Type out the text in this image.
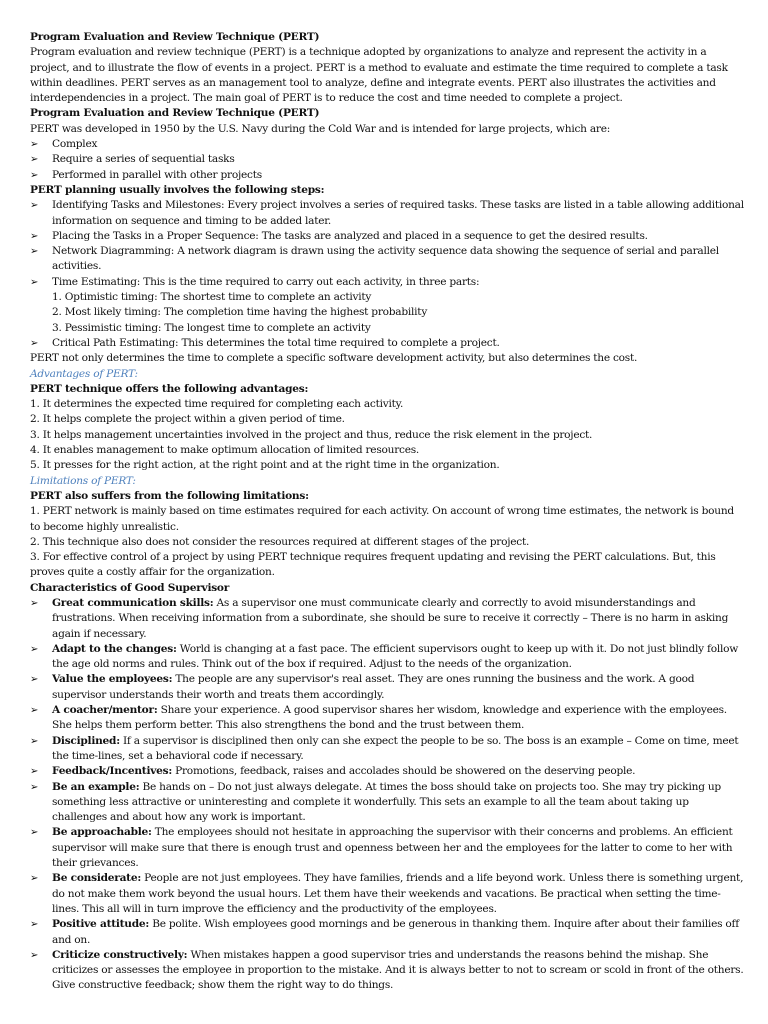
Program Evaluation and Review Technique (PERT)

Program evaluation and review technique (PERT) is a technique adopted by organizations to analyze and represent the activity in a project, and to illustrate the flow of events in a project. PERT is a method to evaluate and estimate the time required to complete a task within deadlines. PERT serves as an management tool to analyze, define and integrate events. PERT also illustrates the activities and interdependencies in a project. The main goal of PERT is to reduce the cost and time needed to complete a project.

Program Evaluation and Review Technique (PERT)

PERT was developed in 1950 by the U.S. Navy during the Cold War and is intended for large projects, which are:

➢ Complex
➢ Require a series of sequential tasks
➢ Performed in parallel with other projects

PERT planning usually involves the following steps:

➢ Identifying Tasks and Milestones: Every project involves a series of required tasks. These tasks are listed in a table allowing additional information on sequence and timing to be added later.
➢ Placing the Tasks in a Proper Sequence: The tasks are analyzed and placed in a sequence to get the desired results.
➢ Network Diagramming: A network diagram is drawn using the activity sequence data showing the sequence of serial and parallel activities.
➢ Time Estimating: This is the time required to carry out each activity, in three parts:
1. Optimistic timing: The shortest time to complete an activity
2. Most likely timing: The completion time having the highest probability
3. Pessimistic timing: The longest time to complete an activity
➢ Critical Path Estimating: This determines the total time required to complete a project.

PERT not only determines the time to complete a specific software development activity, but also determines the cost.

Advantages of PERT:

PERT technique offers the following advantages:

1. It determines the expected time required for completing each activity.

2. It helps complete the project within a given period of time.

3. It helps management uncertainties involved in the project and thus, reduce the risk element in the project.

4. It enables management to make optimum allocation of limited resources.

5. It presses for the right action, at the right point and at the right time in the organization.

Limitations of PERT:

PERT also suffers from the following limitations:

1. PERT network is mainly based on time estimates required for each activity. On account of wrong time estimates, the network is bound to become highly unrealistic.

2. This technique also does not consider the resources required at different stages of the project.

3. For effective control of a project by using PERT technique requires frequent updating and revising the PERT calculations. But, this proves quite a costly affair for the organization.

Characteristics of Good Supervisor

➢ Great communication skills: As a supervisor one must communicate clearly and correctly to avoid misunderstandings and frustrations. When receiving information from a subordinate, she should be sure to receive it correctly – There is no harm in asking again if necessary.
➢ Adapt to the changes: World is changing at a fast pace. The efficient supervisors ought to keep up with it. Do not just blindly follow the age old norms and rules. Think out of the box if required. Adjust to the needs of the organization.
➢ Value the employees: The people are any supervisor's real asset. They are ones running the business and the work. A good supervisor understands their worth and treats them accordingly.
➢ A coacher/mentor: Share your experience. A good supervisor shares her wisdom, knowledge and experience with the employees. She helps them perform better. This also strengthens the bond and the trust between them.
➢ Disciplined: If a supervisor is disciplined then only can she expect the people to be so. The boss is an example – Come on time, meet the time-lines, set a behavioral code if necessary.
➢ Feedback/Incentives: Promotions, feedback, raises and accolades should be showered on the deserving people.
➢ Be an example: Be hands on – Do not just always delegate. At times the boss should take on projects too. She may try picking up something less attractive or uninteresting and complete it wonderfully. This sets an example to all the team about taking up challenges and about how any work is important.
➢ Be approachable: The employees should not hesitate in approaching the supervisor with their concerns and problems. An efficient supervisor will make sure that there is enough trust and openness between her and the employees for the latter to come to her with their grievances.
➢ Be considerate: People are not just employees. They have families, friends and a life beyond work. Unless there is something urgent, do not make them work beyond the usual hours. Let them have their weekends and vacations. Be practical when setting the time-lines. This all will in turn improve the efficiency and the productivity of the employees.
➢ Positive attitude: Be polite. Wish employees good mornings and be generous in thanking them. Inquire after about their families off and on.
➢ Criticize constructively: When mistakes happen a good supervisor tries and understands the reasons behind the mishap. She criticizes or assesses the employee in proportion to the mistake. And it is always better to not to scream or scold in front of the others. Give constructive feedback; show them the right way to do things.
